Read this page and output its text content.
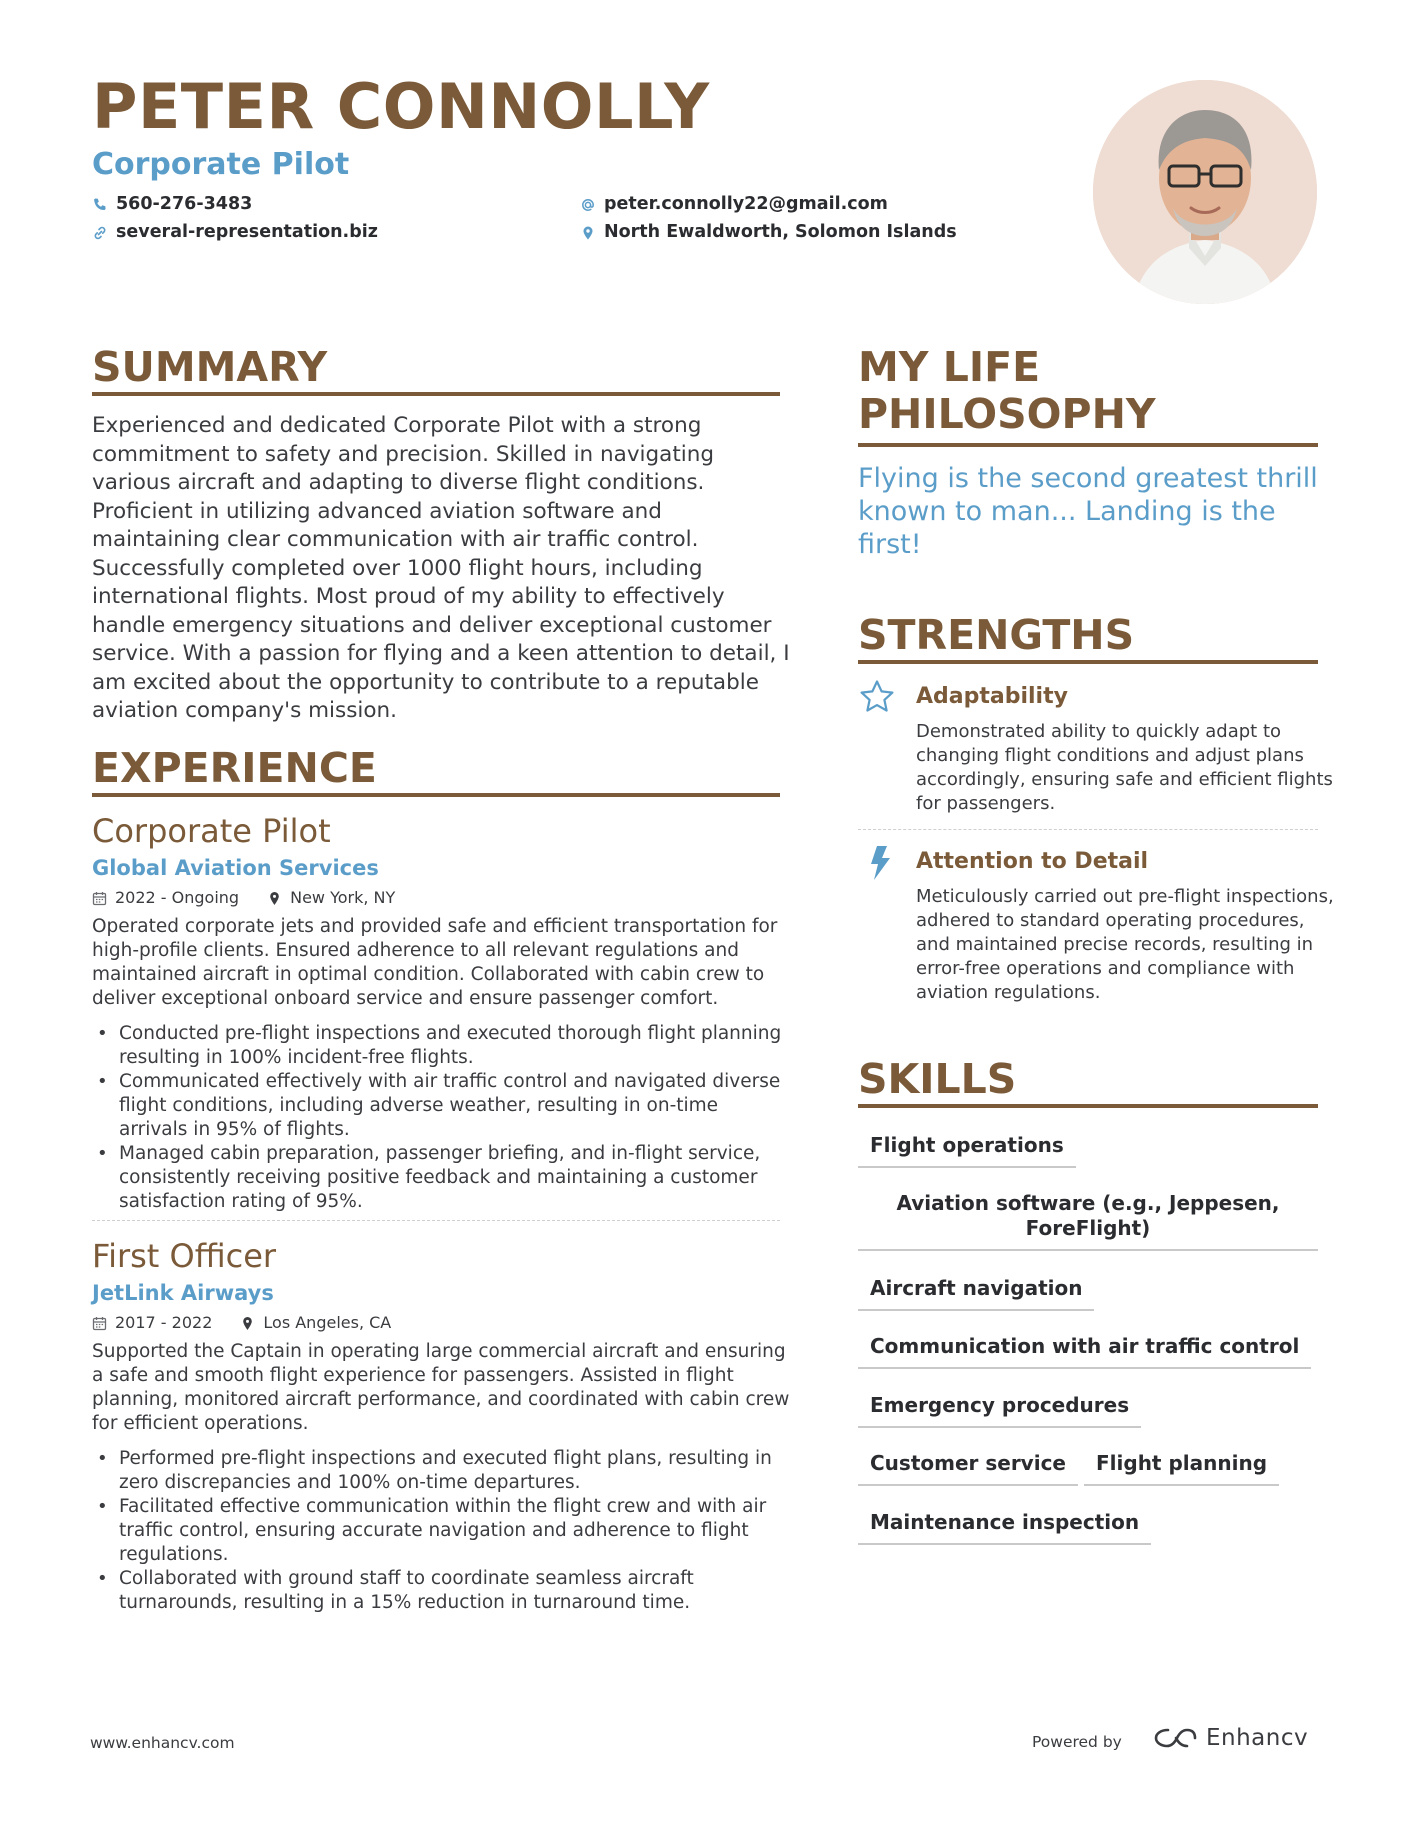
PETER CONNOLLY
Corporate Pilot
560-276-3483
several-representation.biz
peter.connolly22@gmail.com
North Ewaldworth, Solomon Islands
SUMMARY
Experienced and dedicated Corporate Pilot with a strong commitment to safety and precision. Skilled in navigating various aircraft and adapting to diverse flight conditions. Proficient in utilizing advanced aviation software and maintaining clear communication with air traffic control. Successfully completed over 1000 flight hours, including international flights. Most proud of my ability to effectively handle emergency situations and deliver exceptional customer service. With a passion for flying and a keen attention to detail, I am excited about the opportunity to contribute to a reputable aviation company's mission.
EXPERIENCE
Corporate Pilot
Global Aviation Services
2022 - Ongoing	New York, NY
Operated corporate jets and provided safe and efficient transportation for high-profile clients. Ensured adherence to all relevant regulations and maintained aircraft in optimal condition. Collaborated with cabin crew to deliver exceptional onboard service and ensure passenger comfort.
• Conducted pre-flight inspections and executed thorough flight planning resulting in 100% incident-free flights.
• Communicated effectively with air traffic control and navigated diverse flight conditions, including adverse weather, resulting in on-time arrivals in 95% of flights.
• Managed cabin preparation, passenger briefing, and in-flight service, consistently receiving positive feedback and maintaining a customer satisfaction rating of 95%.
First Officer
JetLink Airways
2017 - 2022	Los Angeles, CA
Supported the Captain in operating large commercial aircraft and ensuring a safe and smooth flight experience for passengers. Assisted in flight planning, monitored aircraft performance, and coordinated with cabin crew for efficient operations.
• Performed pre-flight inspections and executed flight plans, resulting in zero discrepancies and 100% on-time departures.
• Facilitated effective communication within the flight crew and with air traffic control, ensuring accurate navigation and adherence to flight regulations.
• Collaborated with ground staff to coordinate seamless aircraft turnarounds, resulting in a 15% reduction in turnaround time.
MY LIFE
PHILOSOPHY
Flying is the second greatest thrill known to man... Landing is the first!
STRENGTHS
Adaptability
Demonstrated ability to quickly adapt to changing flight conditions and adjust plans accordingly, ensuring safe and efficient flights for passengers.
Attention to Detail
Meticulously carried out pre-flight inspections, adhered to standard operating procedures, and maintained precise records, resulting in error-free operations and compliance with aviation regulations.
SKILLS
Flight operations
Aviation software (e.g., Jeppesen, ForeFlight)
Aircraft navigation
Communication with air traffic control
Emergency procedures
Customer service	Flight planning
Maintenance inspection
www.enhancv.com	Powered by	Enhancv
